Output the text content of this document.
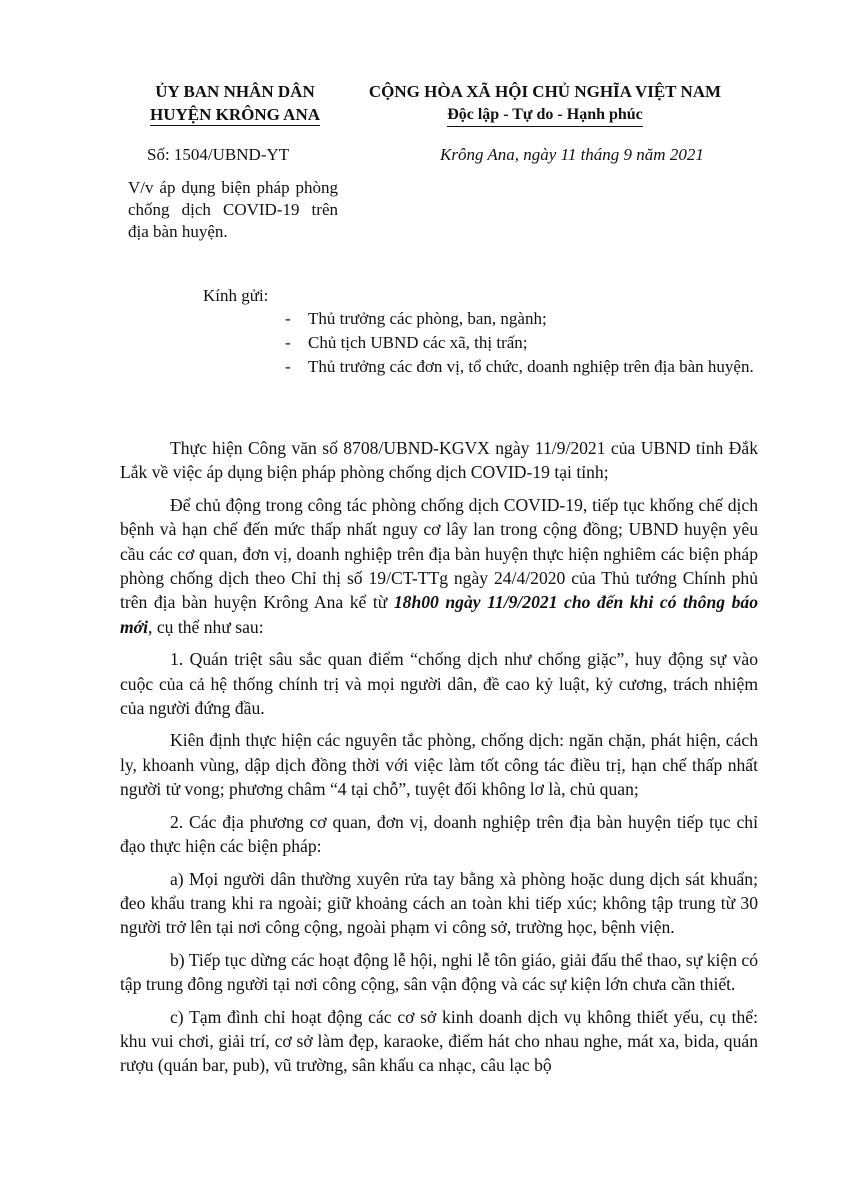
ỦY BAN NHÂN DÂN
HUYỆN KRÔNG ANA
CỘNG HÒA XÃ HỘI CHỦ NGHĨA VIỆT NAM
Độc lập - Tự do - Hạnh phúc
Số: 1504/UBND-YT	Krông Ana, ngày 11 tháng 9 năm 2021
V/v áp dụng biện pháp phòng chống dịch COVID-19 trên địa bàn huyện.
Kính gửi:
- Thủ trưởng các phòng, ban, ngành;
- Chủ tịch UBND các xã, thị trấn;
- Thủ trưởng các đơn vị, tổ chức, doanh nghiệp trên địa bàn huyện.

Thực hiện Công văn số 8708/UBND-KGVX ngày 11/9/2021 của UBND tỉnh Đắk Lắk về việc áp dụng biện pháp phòng chống dịch COVID-19 tại tỉnh;

Để chủ động trong công tác phòng chống dịch COVID-19, tiếp tục khống chế dịch bệnh và hạn chế đến mức thấp nhất nguy cơ lây lan trong cộng đồng; UBND huyện yêu cầu các cơ quan, đơn vị, doanh nghiệp trên địa bàn huyện thực hiện nghiêm các biện pháp phòng chống dịch theo Chỉ thị số 19/CT-TTg ngày 24/4/2020 của Thủ tướng Chính phủ trên địa bàn huyện Krông Ana kể từ 18h00 ngày 11/9/2021 cho đến khi có thông báo mới, cụ thể như sau:

1. Quán triệt sâu sắc quan điểm “chống dịch như chống giặc”, huy động sự vào cuộc của cả hệ thống chính trị và mọi người dân, đề cao kỷ luật, kỷ cương, trách nhiệm của người đứng đầu.

Kiên định thực hiện các nguyên tắc phòng, chống dịch: ngăn chặn, phát hiện, cách ly, khoanh vùng, dập dịch đồng thời với việc làm tốt công tác điều trị, hạn chế thấp nhất người tử vong; phương châm “4 tại chỗ”, tuyệt đối không lơ là, chủ quan;

2. Các địa phương cơ quan, đơn vị, doanh nghiệp trên địa bàn huyện tiếp tục chỉ đạo thực hiện các biện pháp:

a) Mọi người dân thường xuyên rửa tay bằng xà phòng hoặc dung dịch sát khuẩn; đeo khẩu trang khi ra ngoài; giữ khoảng cách an toàn khi tiếp xúc; không tập trung từ 30 người trở lên tại nơi công cộng, ngoài phạm vi công sở, trường học, bệnh viện.

b) Tiếp tục dừng các hoạt động lễ hội, nghi lễ tôn giáo, giải đấu thể thao, sự kiện có tập trung đông người tại nơi công cộng, sân vận động và các sự kiện lớn chưa cần thiết.

c) Tạm đình chỉ hoạt động các cơ sở kinh doanh dịch vụ không thiết yếu, cụ thể: khu vui chơi, giải trí, cơ sở làm đẹp, karaoke, điểm hát cho nhau nghe, mát xa, bida, quán rượu (quán bar, pub), vũ trường, sân khấu ca nhạc, câu lạc bộ
